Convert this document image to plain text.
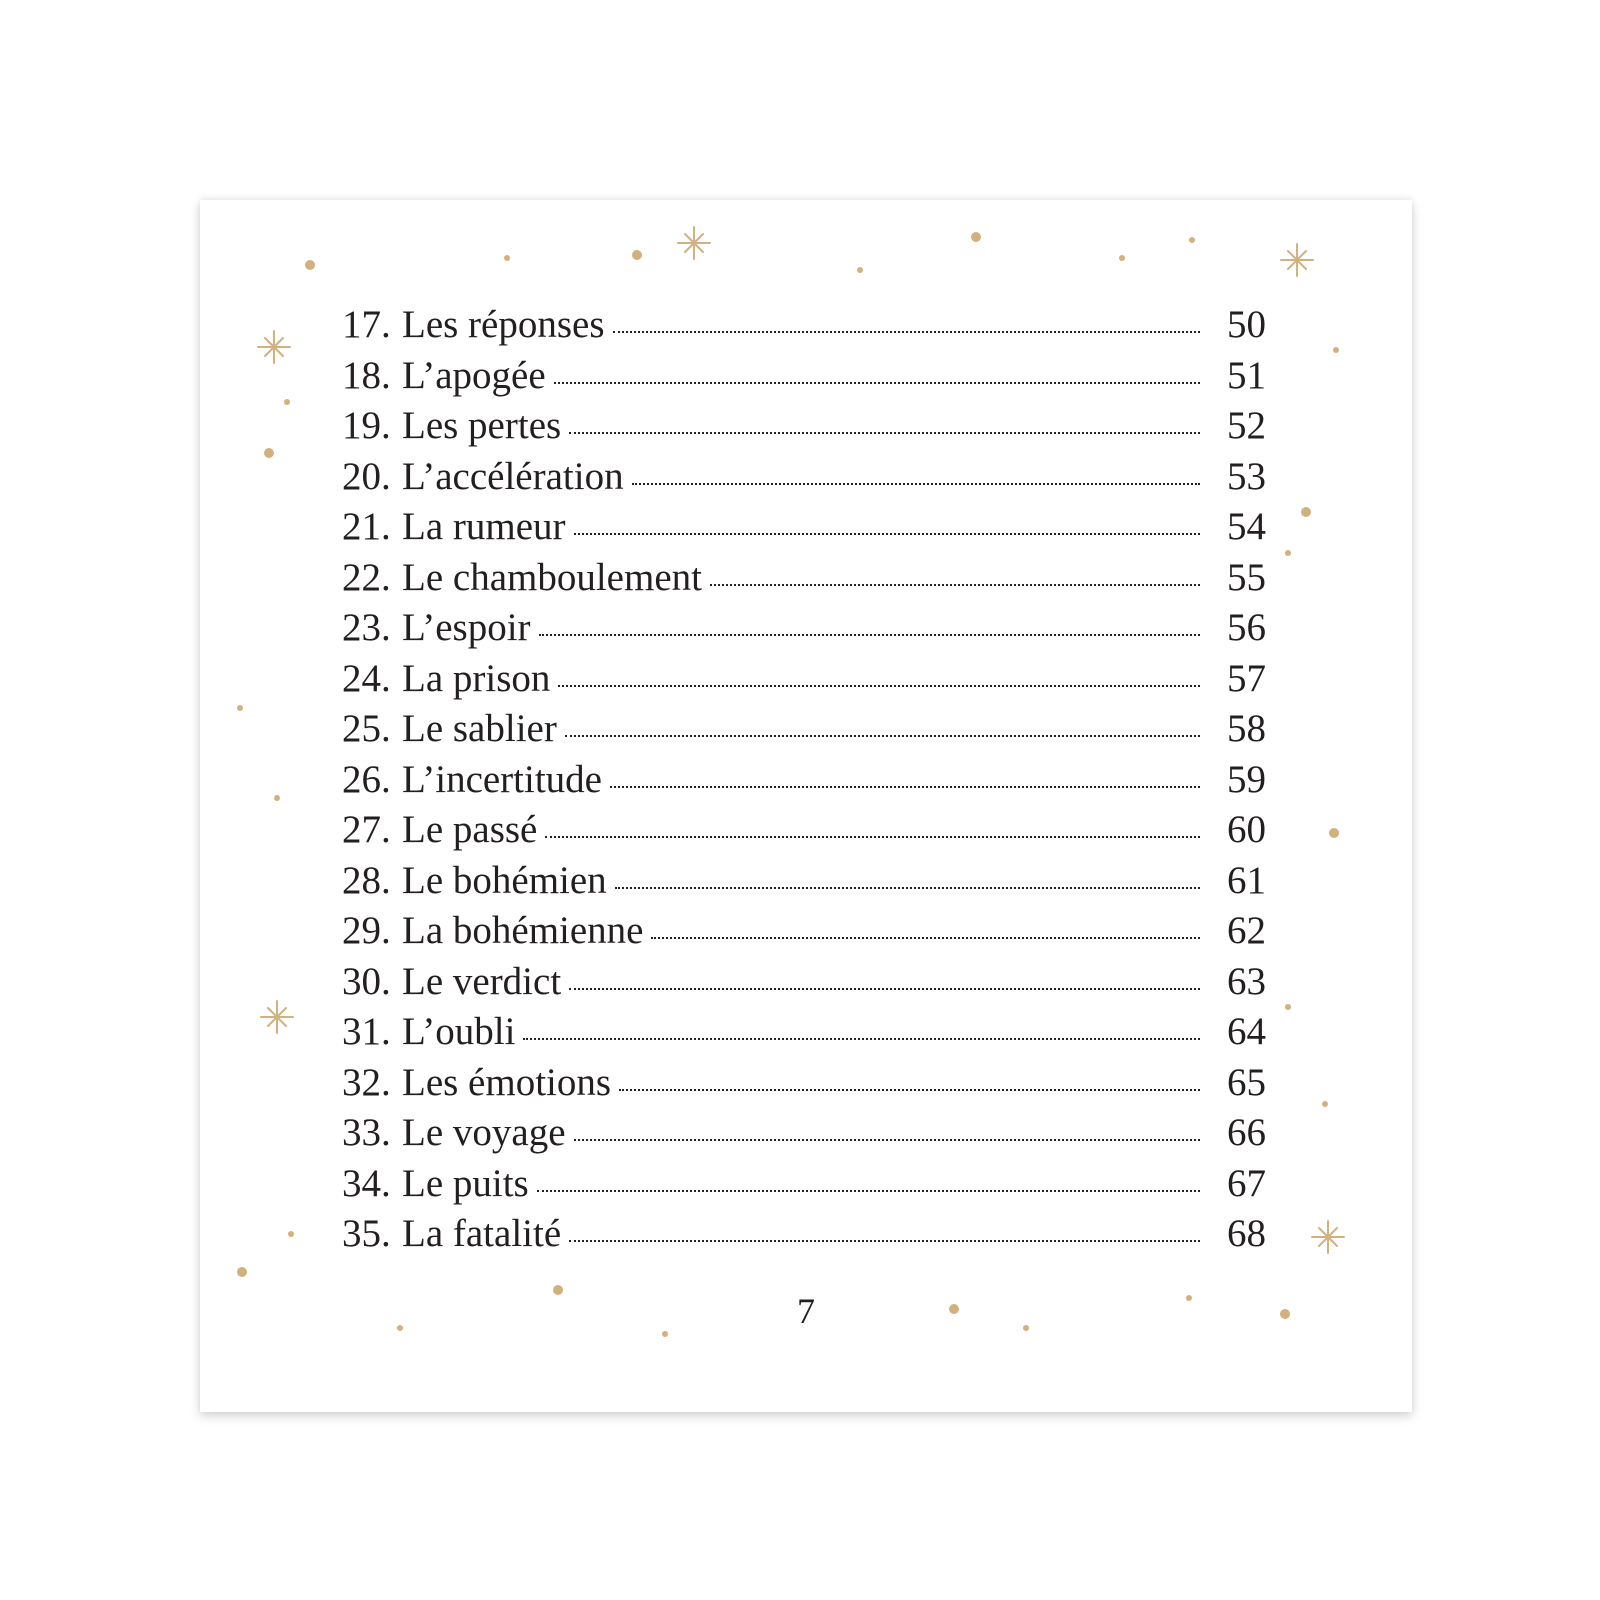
17. Les réponses	50
18. L’apogée	51
19. Les pertes	52
20. L’accélération	53
21. La rumeur	54
22. Le chamboulement	55
23. L’espoir	56
24. La prison	57
25. Le sablier	58
26. L’incertitude	59
27. Le passé	60
28. Le bohémien	61
29. La bohémienne	62
30. Le verdict	63
31. L’oubli	64
32. Les émotions	65
33. Le voyage	66
34. Le puits	67
35. La fatalité	68
7
